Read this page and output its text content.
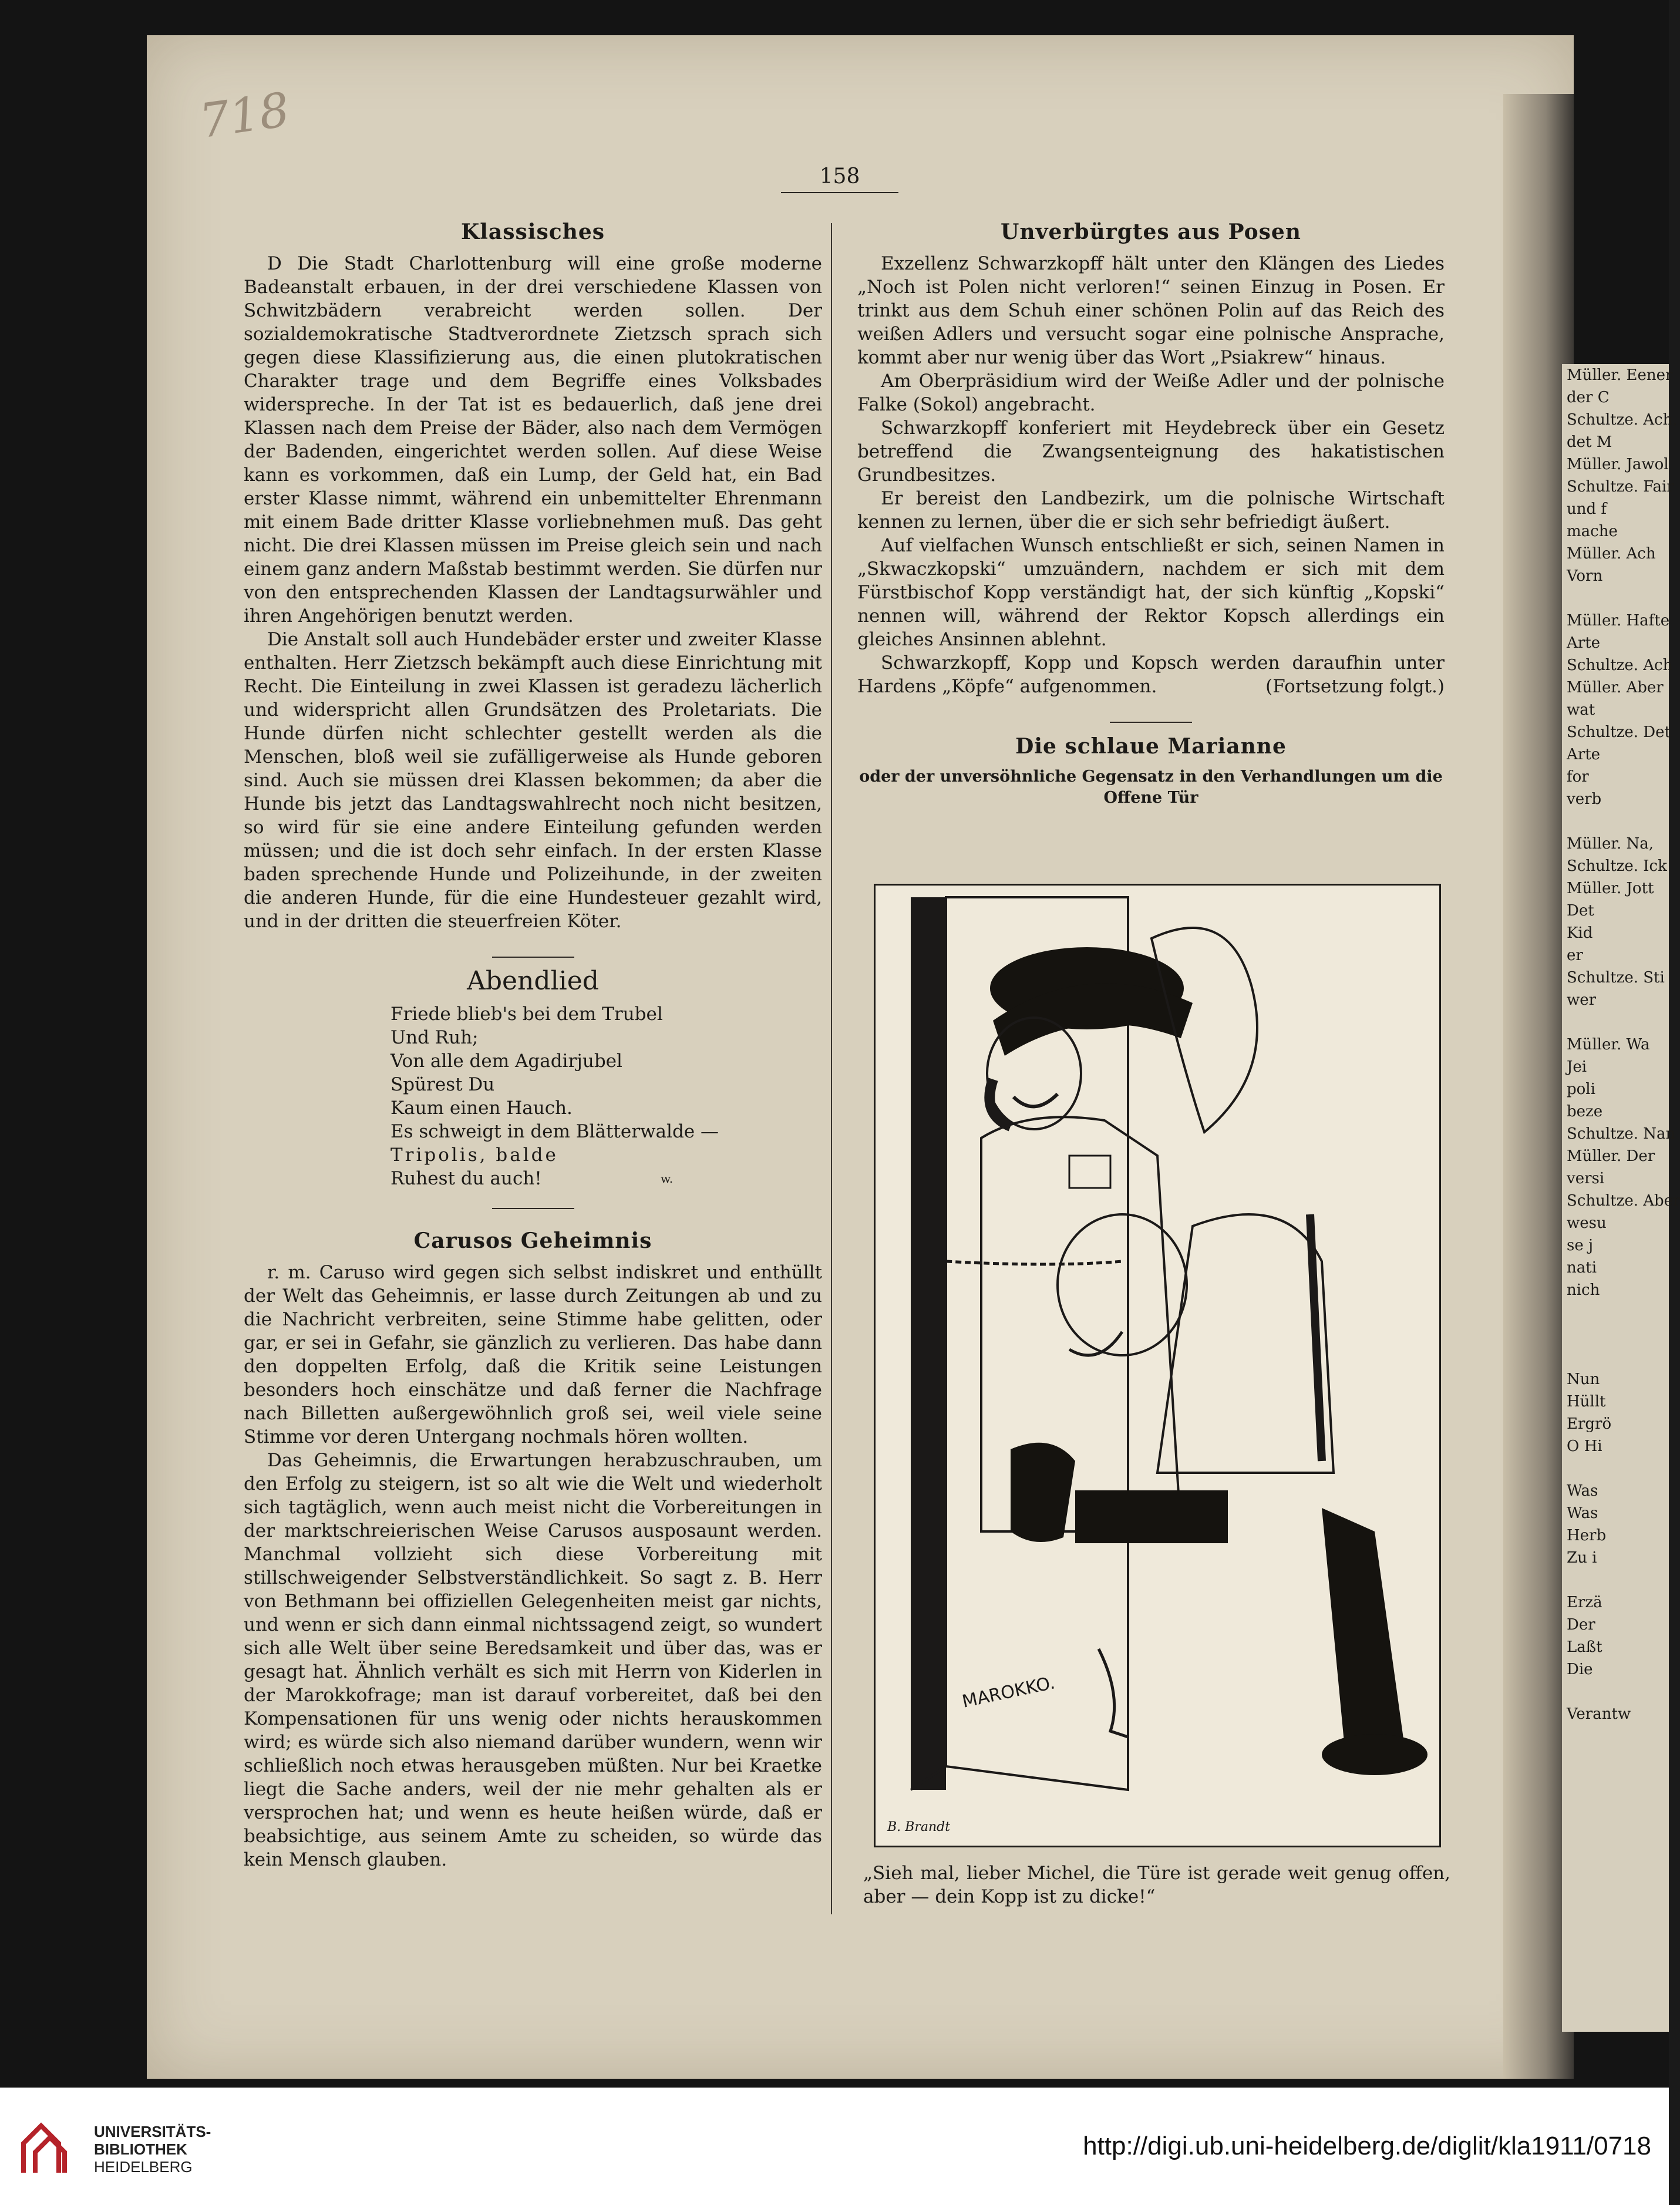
Müller. Eener
der C
Schultze. Ach,
det M
Müller. Jawol
Schultze. Fair
und f
mache
Müller. Ach
Vorn

Müller. Hafte
Arte
Schultze. Ach
Müller. Aber
wat
Schultze. Det
Arte
for
verb

Müller. Na,
Schultze. Ick
Müller. Jott
Det
Kid
er
Schultze. Sti
wer

Müller. Wa
Jei
poli
beze
Schultze. Nan
Müller. Der
versi
Schultze. Aber
wesu
se j
nati
nich

Nun
Hüllt
Ergrö
O Hi

Was
Was
Herb
Zu i

Erzä
Der
Laßt
Die

Verantw
718
158
Klassisches

D Die Stadt Charlottenburg will eine große moderne Badeanstalt erbauen, in der drei verschiedene Klassen von Schwitzbädern verabreicht werden sollen. Der sozialdemokratische Stadtverordnete Zietzsch sprach sich gegen diese Klassifizierung aus, die einen plutokratischen Charakter trage und dem Begriffe eines Volksbades widerspreche. In der Tat ist es bedauerlich, daß jene drei Klassen nach dem Preise der Bäder, also nach dem Vermögen der Badenden, eingerichtet werden sollen. Auf diese Weise kann es vorkommen, daß ein Lump, der Geld hat, ein Bad erster Klasse nimmt, während ein unbemittelter Ehrenmann mit einem Bade dritter Klasse vorliebnehmen muß. Das geht nicht. Die drei Klassen müssen im Preise gleich sein und nach einem ganz andern Maßstab bestimmt werden. Sie dürfen nur von den entsprechenden Klassen der Landtagsurwähler und ihren Angehörigen benutzt werden.

Die Anstalt soll auch Hundebäder erster und zweiter Klasse enthalten. Herr Zietzsch bekämpft auch diese Einrichtung mit Recht. Die Einteilung in zwei Klassen ist geradezu lächerlich und widerspricht allen Grundsätzen des Proletariats. Die Hunde dürfen nicht schlechter gestellt werden als die Menschen, bloß weil sie zufälligerweise als Hunde geboren sind. Auch sie müssen drei Klassen bekommen; da aber die Hunde bis jetzt das Landtagswahlrecht noch nicht besitzen, so wird für sie eine andere Einteilung gefunden werden müssen; und die ist doch sehr einfach. In der ersten Klasse baden sprechende Hunde und Polizeihunde, in der zweiten die anderen Hunde, für die eine Hundesteuer gezahlt wird, und in der dritten die steuerfreien Köter.

Abendlied
Friede blieb's bei dem Trubel
Und Ruh;
Von alle dem Agadirjubel
Spürest Du
Kaum einen Hauch.
Es schweigt in dem Blätterwalde —
Tripolis, balde
Ruhest du auch!	w.
Carusos Geheimnis

r. m. Caruso wird gegen sich selbst indiskret und enthüllt der Welt das Geheimnis, er lasse durch Zeitungen ab und zu die Nachricht verbreiten, seine Stimme habe gelitten, oder gar, er sei in Gefahr, sie gänzlich zu verlieren. Das habe dann den doppelten Erfolg, daß die Kritik seine Leistungen besonders hoch einschätze und daß ferner die Nachfrage nach Billetten außergewöhnlich groß sei, weil viele seine Stimme vor deren Untergang nochmals hören wollten.

Das Geheimnis, die Erwartungen herabzuschrauben, um den Erfolg zu steigern, ist so alt wie die Welt und wiederholt sich tagtäglich, wenn auch meist nicht die Vorbereitungen in der marktschreierischen Weise Carusos ausposaunt werden. Manchmal vollzieht sich diese Vorbereitung mit stillschweigender Selbstverständlichkeit. So sagt z. B. Herr von Bethmann bei offiziellen Gelegenheiten meist gar nichts, und wenn er sich dann einmal nichtssagend zeigt, so wundert sich alle Welt über seine Beredsamkeit und über das, was er gesagt hat. Ähnlich verhält es sich mit Herrn von Kiderlen in der Marokkofrage; man ist darauf vorbereitet, daß bei den Kompensationen für uns wenig oder nichts herauskommen wird; es würde sich also niemand darüber wundern, wenn wir schließlich noch etwas herausgeben müßten. Nur bei Kraetke liegt die Sache anders, weil der nie mehr gehalten als er versprochen hat; und wenn es heute heißen würde, daß er beabsichtige, aus seinem Amte zu scheiden, so würde das kein Mensch glauben.

Unverbürgtes aus Posen

Exzellenz Schwarzkopff hält unter den Klängen des Liedes „Noch ist Polen nicht verloren!“ seinen Einzug in Posen. Er trinkt aus dem Schuh einer schönen Polin auf das Reich des weißen Adlers und versucht sogar eine polnische Ansprache, kommt aber nur wenig über das Wort „Psiakrew“ hinaus.

Am Oberpräsidium wird der Weiße Adler und der polnische Falke (Sokol) angebracht.

Schwarzkopff konferiert mit Heydebreck über ein Gesetz betreffend die Zwangsenteignung des hakatistischen Grundbesitzes.

Er bereist den Landbezirk, um die polnische Wirtschaft kennen zu lernen, über die er sich sehr befriedigt äußert.

Auf vielfachen Wunsch entschließt er sich, seinen Namen in „Skwaczkopski“ umzuändern, nachdem er sich mit dem Fürstbischof Kopp verständigt hat, der sich künftig „Kopski“ nennen will, während der Rektor Kopsch allerdings ein gleiches Ansinnen ablehnt.

Schwarzkopff, Kopp und Kopsch werden daraufhin unter Hardens „Köpfe“ aufgenommen.	(Fortsetzung folgt.)

Die schlaue Marianne
oder der unversöhnliche Gegensatz in den Verhandlungen um die Offene Tür
MAROKKO.
B. Brandt
„Sieh mal, lieber Michel, die Türe ist gerade weit genug offen, aber — dein Kopp ist zu dicke!“
UNIVERSITÄTS-
BIBLIOTHEK
HEIDELBERG
http://digi.ub.uni-heidelberg.de/diglit/kla1911/0718
